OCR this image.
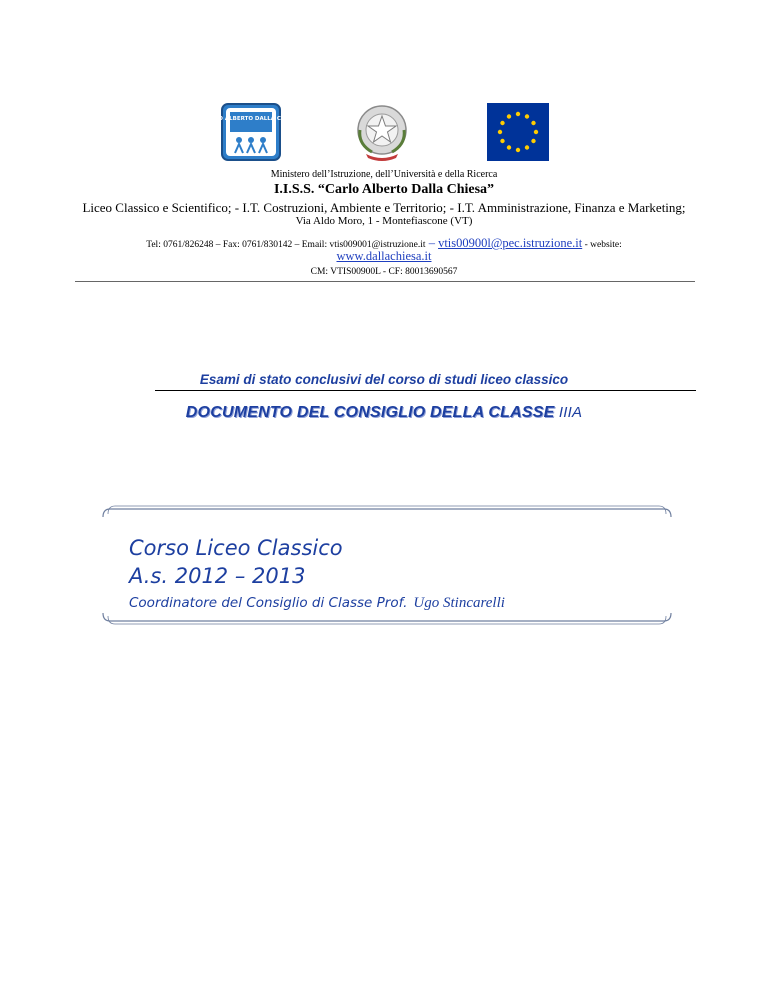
CARLO ALBERTO DALLA CHIESA
Ministero dell’Istruzione, dell’Università e della Ricerca
I.I.S.S. “Carlo Alberto Dalla Chiesa”
Liceo Classico e Scientifico; - I.T. Costruzioni, Ambiente e Territorio; - I.T. Amministrazione, Finanza e Marketing;
Via Aldo Moro, 1 - Montefiascone (VT)
Tel: 0761/826248 – Fax: 0761/830142 – Email: vtis009001@istruzione.it – vtis00900l@pec.istruzione.it - website:
www.dallachiesa.it
CM: VTIS00900L - CF: 80013690567
Esami di stato conclusivi del corso di studi liceo classico
DOCUMENTO DEL CONSIGLIO DELLA CLASSE IIIA
Corso Liceo Classico
A.s. 2012 – 2013
Coordinatore del Consiglio di Classe Prof. Ugo Stincarelli
